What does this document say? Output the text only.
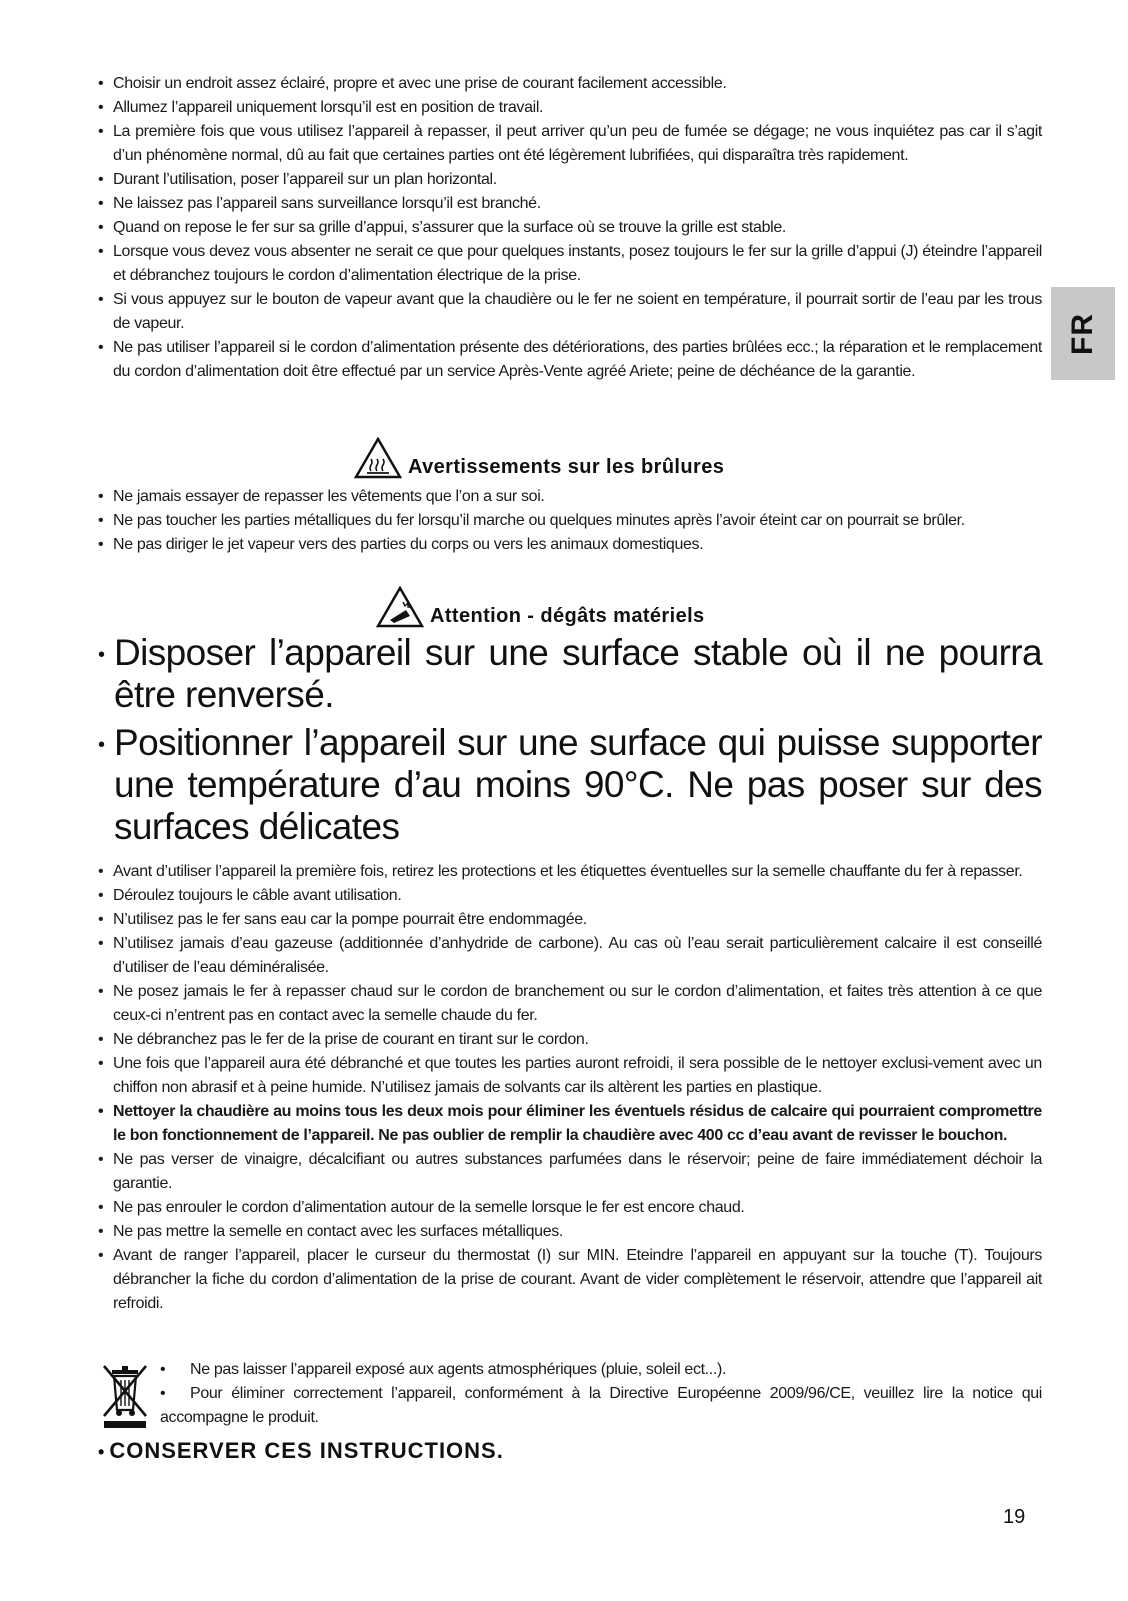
FR
• Choisir un endroit assez éclairé, propre et avec une prise de courant facilement accessible.
• Allumez l’appareil uniquement lorsqu’il est en position de travail.
• La première fois que vous utilisez l’appareil à repasser, il peut arriver qu’un peu de fumée se dégage; ne vous inquiétez pas car il s’agit d’un phénomène normal, dû au fait que certaines parties ont été légèrement lubrifiées, qui disparaîtra très rapidement.
• Durant l’utilisation, poser l’appareil sur un plan horizontal.
• Ne laissez pas l’appareil sans surveillance lorsqu’il est branché.
• Quand on repose le fer sur sa grille d’appui, s’assurer que la surface où se trouve la grille est stable.
• Lorsque vous devez vous absenter ne serait ce que pour quelques instants, posez toujours le fer sur la grille d’appui (J) éteindre l’appareil et débranchez toujours le cordon d’alimentation électrique de la prise.
• Si vous appuyez sur le bouton de vapeur avant que la chaudière ou le fer ne soient en température, il pourrait sortir de l’eau par les trous de vapeur.
• Ne pas utiliser l’appareil si le cordon d’alimentation présente des détériorations, des parties brûlées ecc.; la réparation et le remplacement du cordon d’alimentation doit être effectué par un service Après-Vente agréé Ariete; peine de déchéance de la garantie.
Avertissements sur les brûlures
• Ne jamais essayer de repasser les vêtements que l’on a sur soi.
• Ne pas toucher les parties métalliques du fer lorsqu’il marche ou quelques minutes après l’avoir éteint car on pourrait se brûler.
• Ne pas diriger le jet vapeur vers des parties du corps ou vers les animaux domestiques.
Attention - dégâts matériels
• Disposer l’appareil sur une surface stable où il ne pourra être renversé.
• Positionner l’appareil sur une surface qui puisse supporter une température d’au moins 90°C. Ne pas poser sur des surfaces délicates
• Avant d’utiliser l’appareil la première fois, retirez les protections et les étiquettes éventuelles sur la semelle chauffante du fer à repasser.
• Déroulez toujours le câble avant utilisation.
• N’utilisez pas le fer sans eau car la pompe pourrait être endommagée.
• N’utilisez jamais d’eau gazeuse (additionnée d’anhydride de carbone). Au cas où l’eau serait particulièrement calcaire il est conseillé d’utiliser de l’eau déminéralisée.
• Ne posez jamais le fer à repasser chaud sur le cordon de branchement ou sur le cordon d’alimentation, et faites très attention à ce que ceux-ci n’entrent pas en contact avec la semelle chaude du fer.
• Ne débranchez pas le fer de la prise de courant en tirant sur le cordon.
• Une fois que l’appareil aura été débranché et que toutes les parties auront refroidi, il sera possible de le nettoyer exclusi-vement avec un chiffon non abrasif et à peine humide. N’utilisez jamais de solvants car ils altèrent les parties en plastique.
• Nettoyer la chaudière au moins tous les deux mois pour éliminer les éventuels résidus de calcaire qui pourraient compromettre le bon fonctionnement de l’appareil. Ne pas oublier de remplir la chaudière avec 400 cc d’eau avant de revisser le bouchon.
• Ne pas verser de vinaigre, décalcifiant ou autres substances parfumées dans le réservoir; peine de faire immédiatement déchoir la garantie.
• Ne pas enrouler le cordon d’alimentation autour de la semelle lorsque le fer est encore chaud.
• Ne pas mettre la semelle en contact avec les surfaces métalliques.
• Avant de ranger l’appareil, placer le curseur du thermostat (I) sur MIN. Eteindre l’appareil en appuyant sur la touche (T). Toujours débrancher la fiche du cordon d’alimentation de la prise de courant. Avant de vider complètement le réservoir, attendre que l’appareil ait refroidi.
• Ne pas laisser l’appareil exposé aux agents atmosphériques (pluie, soleil ect...).
• Pour éliminer correctement l’appareil, conformément à la Directive Européenne 2009/96/CE, veuillez lire la notice qui accompagne le produit.
• CONSERVER CES INSTRUCTIONS.
19
